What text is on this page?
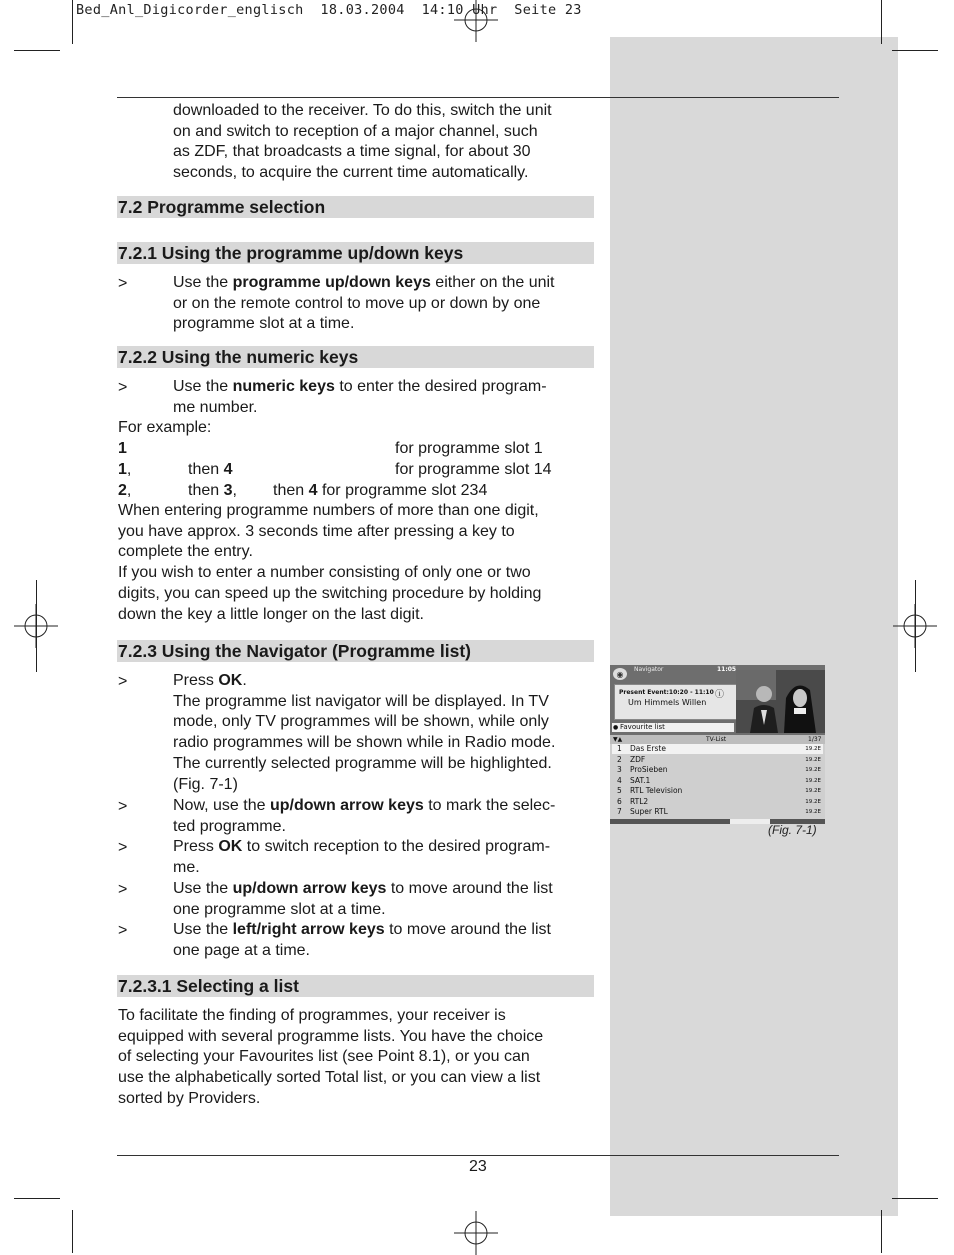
Bed_Anl_Digicorder_englisch 18.03.2004 14:10 Uhr Seite 23

downloaded to the receiver. To do this, switch the unit

on and switch to reception of a major channel, such

as ZDF, that broadcasts a time signal, for about 30

seconds, to acquire the current time automatically.

7.2 Programme selection
7.2.1 Using the programme up/down keys
>	Use the programme up/down keys either on the unit

or on the remote control to move up or down by one

programme slot at a time.

7.2.2 Using the numeric keys
>	Use the numeric keys to enter the desired program-

me number.

For example:

1	for programme slot 1
1,	then 4	for programme slot 14
2,	then 3, then 4 for programme slot 234

When entering programme numbers of more than one digit,

you have approx. 3 seconds time after pressing a key to

complete the entry.

If you wish to enter a number consisting of only one or two

digits, you can speed up the switching procedure by holding

down the key a little longer on the last digit.

7.2.3 Using the Navigator (Programme list)
>	Press OK.

The programme list navigator will be displayed. In TV

mode, only TV programmes will be shown, while only

radio programmes will be shown while in Radio mode.

The currently selected programme will be highlighted.

(Fig. 7-1)

>	Now, use the up/down arrow keys to mark the selec-

ted programme.

>	Press OK to switch reception to the desired program-

me.

>	Use the up/down arrow keys to move around the list

one programme slot at a time.

>	Use the left/right arrow keys to move around the list

one page at a time.

7.2.3.1 Selecting a list

To facilitate the finding of programmes, your receiver is

equipped with several programme lists. You have the choice

of selecting your Favourites list (see Point 8.1), or you can

use the alphabetically sorted Total list, or you can view a list

sorted by Providers.

23
◉
Navigator	11:05
Present Event:10:20 - 11:10 ⓘ
Um Himmels Willen
● Favourite list
▼▲	TV-List	1/37
1 Das Erste	19.2E
2 ZDF	19.2E
3 ProSieben	19.2E
4 SAT.1	19.2E
5 RTL Television	19.2E
6 RTL2	19.2E
7 Super RTL	19.2E
(Fig. 7-1)
